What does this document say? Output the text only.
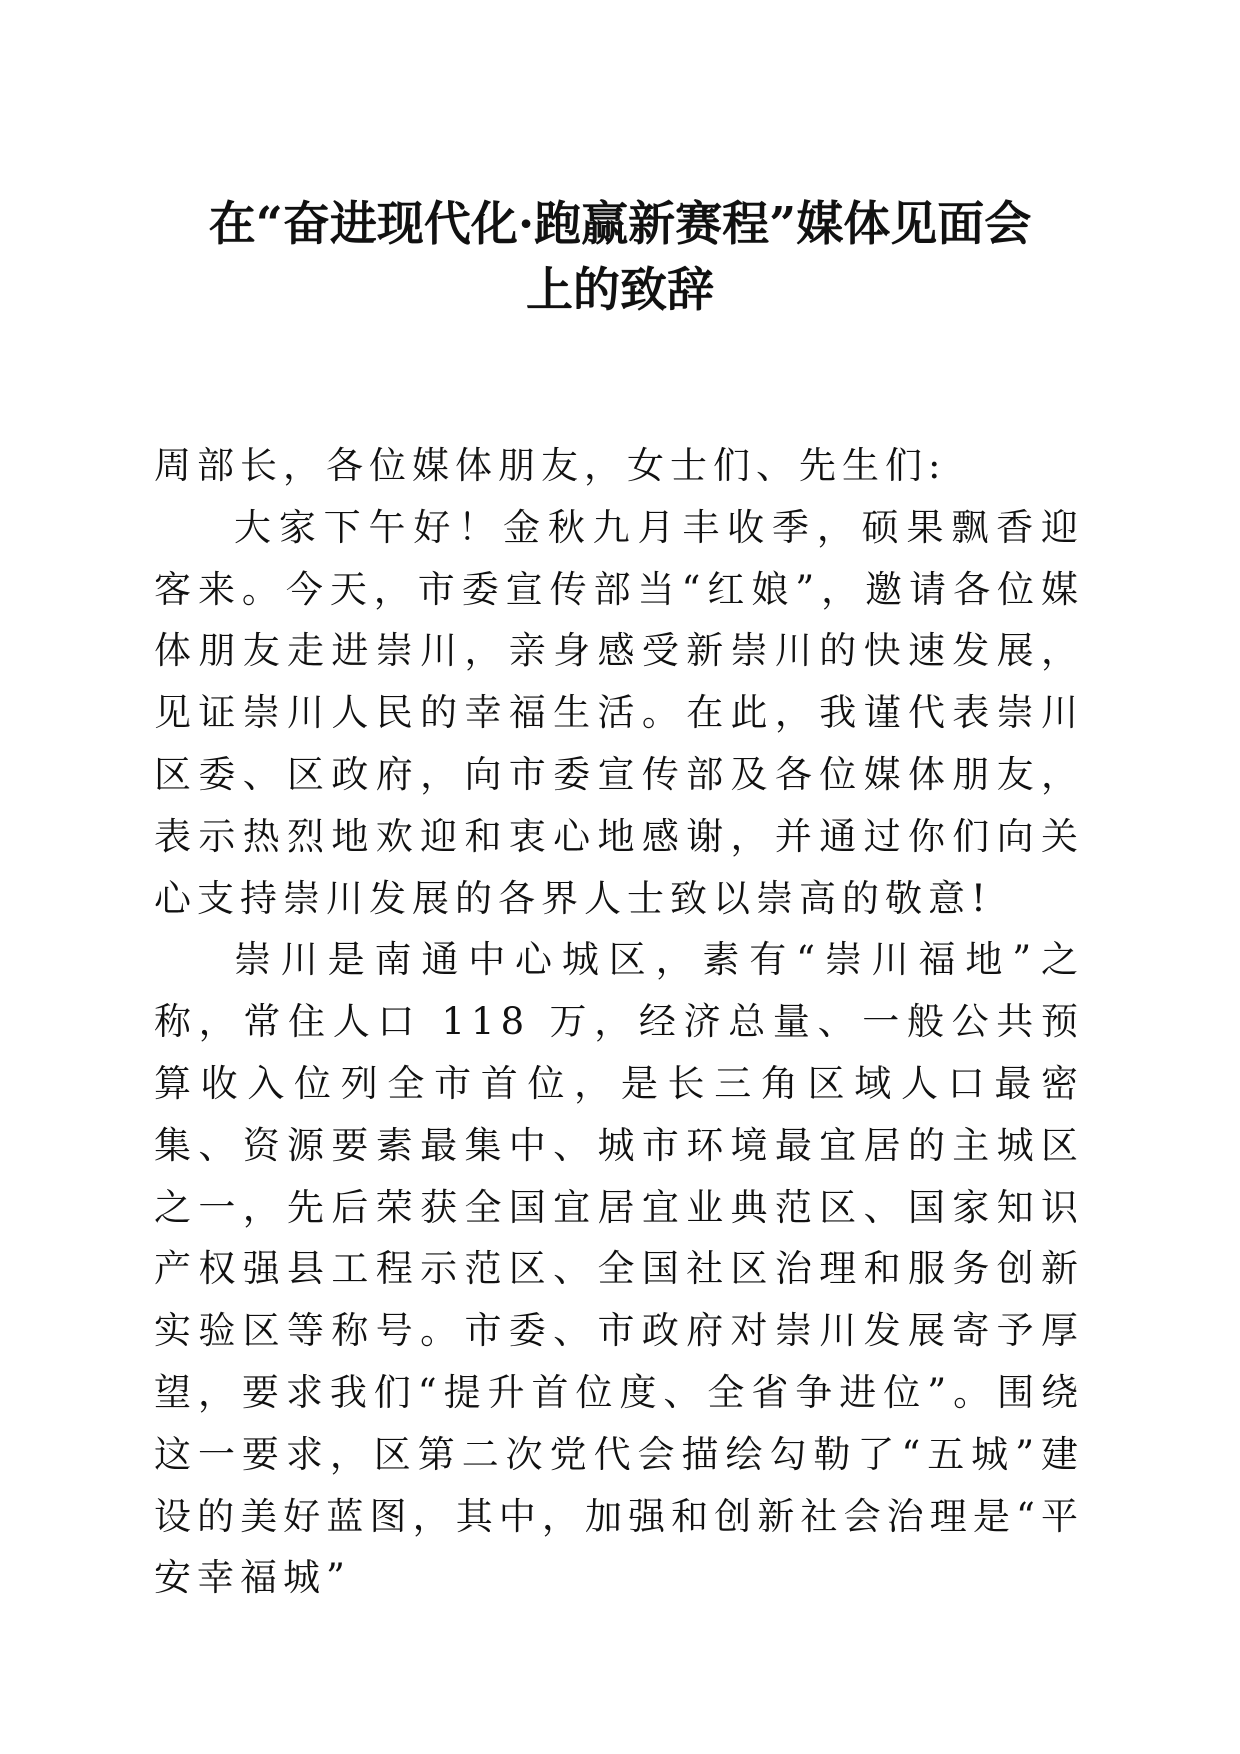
在“奋进现代化·跑赢新赛程”媒体见面会
上的致辞

周部长，各位媒体朋友，女士们、先生们:

大家下午好！金秋九月丰收季，硕果飘香迎客来。今天，市委宣传部当“红娘”，邀请各位媒体朋友走进崇川，亲身感受新崇川的快速发展，见证崇川人民的幸福生活。在此，我谨代表崇川区委、区政府，向市委宣传部及各位媒体朋友，表示热烈地欢迎和衷心地感谢，并通过你们向关心支持崇川发展的各界人士致以崇高的敬意!

崇川是南通中心城区，素有“崇川福地”之称，常住人口 118 万，经济总量、一般公共预算收入位列全市首位，是长三角区域人口最密集、资源要素最集中、城市环境最宜居的主城区之一，先后荣获全国宜居宜业典范区、国家知识产权强县工程示范区、全国社区治理和服务创新实验区等称号。市委、市政府对崇川发展寄予厚望，要求我们“提升首位度、全省争进位”。围绕这一要求，区第二次党代会描绘勾勒了“五城”建设的美好蓝图，其中，加强和创新社会治理是“平安幸福城”
